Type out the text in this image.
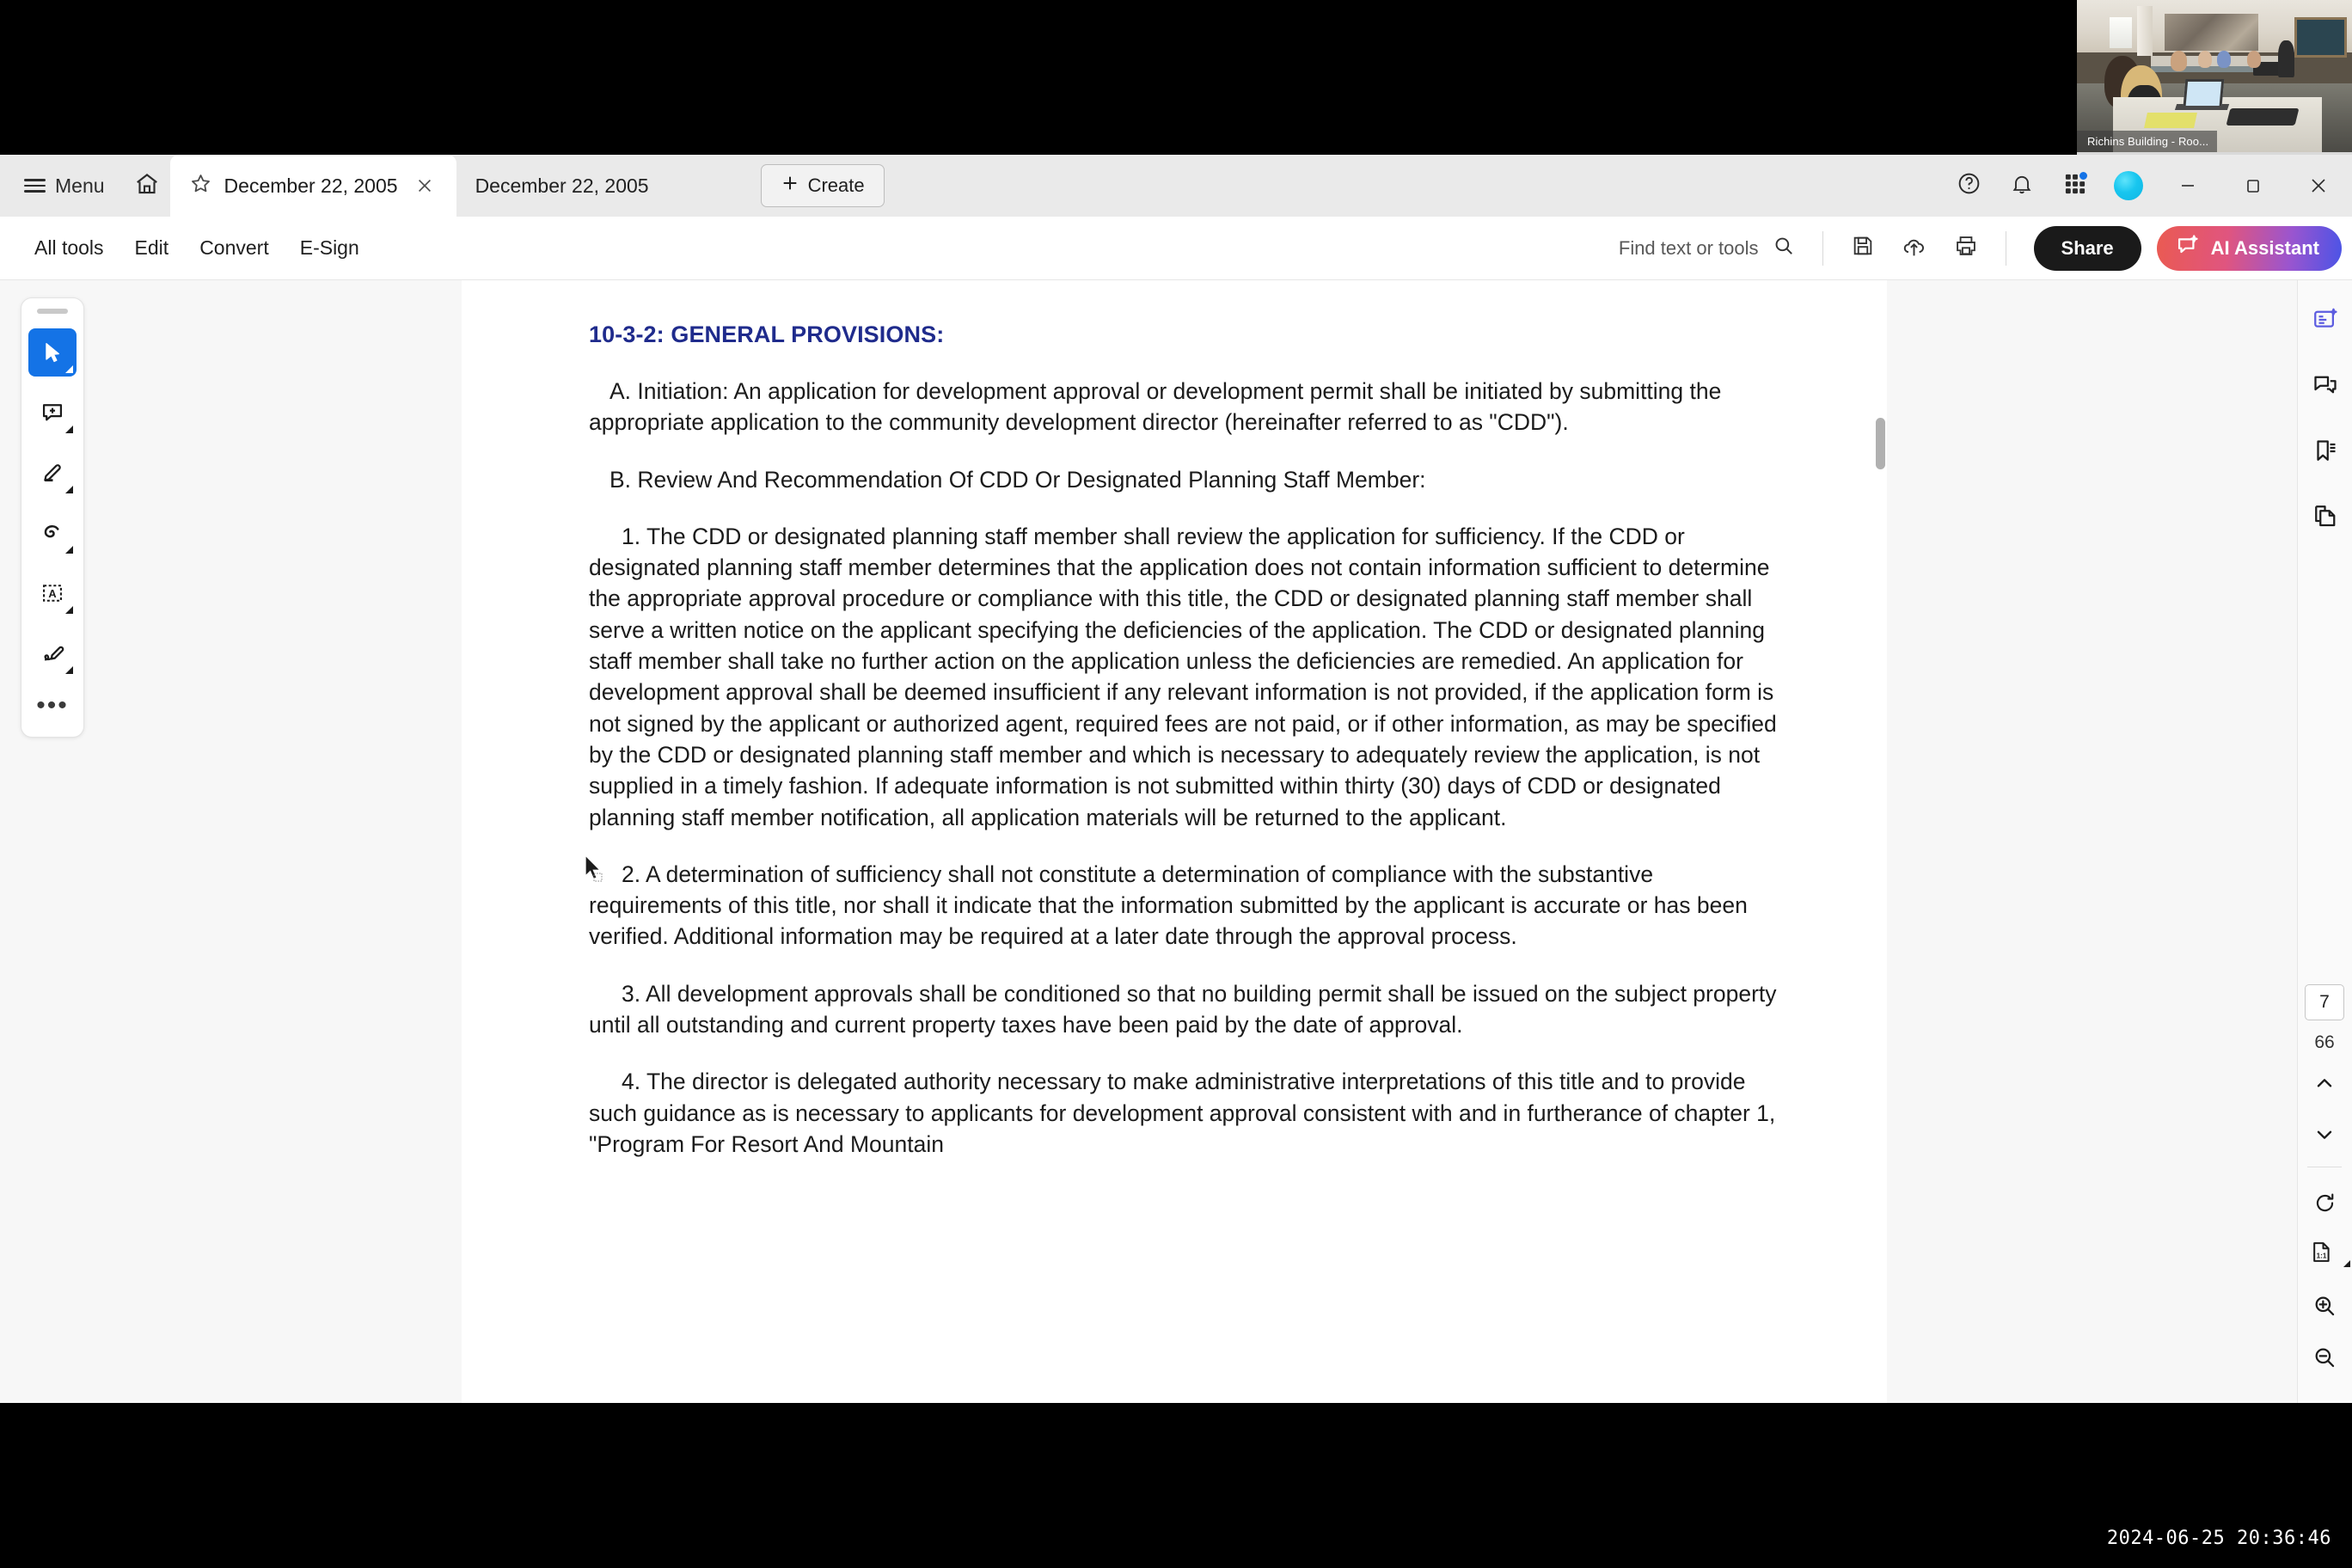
Richins Building - Roo...
2024-06-25 20:36:46
Menu	December 22, 2005	December 22, 2005	Create
All tools	Edit	Convert	E-Sign	Find text or tools	Share	AI Assistant
A
•••
10-3-2: GENERAL PROVISIONS:
A. Initiation: An application for development approval or development permit shall be initiated by submitting the appropriate application to the community development director (hereinafter referred to as "CDD").
B. Review And Recommendation Of CDD Or Designated Planning Staff Member:
1. The CDD or designated planning staff member shall review the application for sufficiency. If the CDD or designated planning staff member determines that the application does not contain information sufficient to determine the appropriate approval procedure or compliance with this title, the CDD or designated planning staff member shall serve a written notice on the applicant specifying the deficiencies of the application. The CDD or designated planning staff member shall take no further action on the application unless the deficiencies are remedied. An application for development approval shall be deemed insufficient if any relevant information is not provided, if the application form is not signed by the applicant or authorized agent, required fees are not paid, or if other information, as may be specified by the CDD or designated planning staff member and which is necessary to adequately review the application, is not supplied in a timely fashion. If adequate information is not submitted within thirty (30) days of CDD or designated planning staff member notification, all application materials will be returned to the applicant.
2. A determination of sufficiency shall not constitute a determination of compliance with the substantive requirements of this title, nor shall it indicate that the information submitted by the applicant is accurate or has been verified. Additional information may be required at a later date through the approval process.
3. All development approvals shall be conditioned so that no building permit shall be issued on the subject property until all outstanding and current property taxes have been paid by the date of approval.
4. The director is delegated authority necessary to make administrative interpretations of this title and to provide such guidance as is necessary to applicants for development approval consistent with and in furtherance of chapter 1, "Program For Resort And Mountain
7
66
1:1
